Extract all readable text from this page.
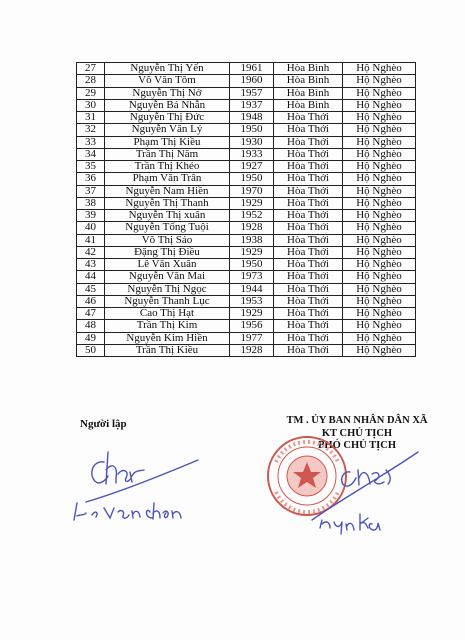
27	Nguyễn Thị Yến	1961	Hòa Bình	Hộ Nghèo
28	Võ Văn Tôm	1960	Hòa Bình	Hộ Nghèo
29	Nguyễn Thị Nở	1957	Hòa Bình	Hộ Nghèo
30	Nguyễn Bá Nhẫn	1937	Hòa Bình	Hộ Nghèo
31	Nguyễn Thị Đức	1948	Hòa Thới	Hộ Nghèo
32	Nguyễn Văn Lý	1950	Hòa Thới	Hộ Nghèo
33	Phạm Thị Kiều	1930	Hòa Thới	Hộ Nghèo
34	Trần Thị Năm	1933	Hòa Thới	Hộ Nghèo
35	Trần Thị Khéo	1927	Hòa Thới	Hộ Nghèo
36	Phạm Văn Trân	1950	Hòa Thới	Hộ Nghèo
37	Nguyễn Nam Hiền	1970	Hòa Thới	Hộ Nghèo
38	Nguyễn Thị Thanh	1929	Hòa Thới	Hộ Nghèo
39	Nguyễn Thị xuân	1952	Hòa Thới	Hộ Nghèo
40	Nguyễn Tống Tuội	1928	Hòa Thới	Hộ Nghèo
41	Võ Thị Sáo	1938	Hòa Thới	Hộ Nghèo
42	Đặng Thị Điều	1929	Hòa Thới	Hộ Nghèo
43	Lê Văn Xuân	1950	Hòa Thới	Hộ Nghèo
44	Nguyễn Văn Mai	1973	Hòa Thới	Hộ Nghèo
45	Nguyễn Thị Ngọc	1944	Hòa Thới	Hộ Nghèo
46	Nguyễn Thanh Lục	1953	Hòa Thới	Hộ Nghèo
47	Cao Thị Hạt	1929	Hòa Thới	Hộ Nghèo
48	Trần Thị Kim	1956	Hòa Thới	Hộ Nghèo
49	Nguyễn Kim Hiền	1977	Hòa Thới	Hộ Nghèo
50	Trần Thị Kiều	1928	Hòa Thới	Hộ Nghèo
Người lập	TM . ỦY BAN NHÂN DÂN XÃ
KT CHỦ TỊCH
PHÓ CHỦ TỊCH
